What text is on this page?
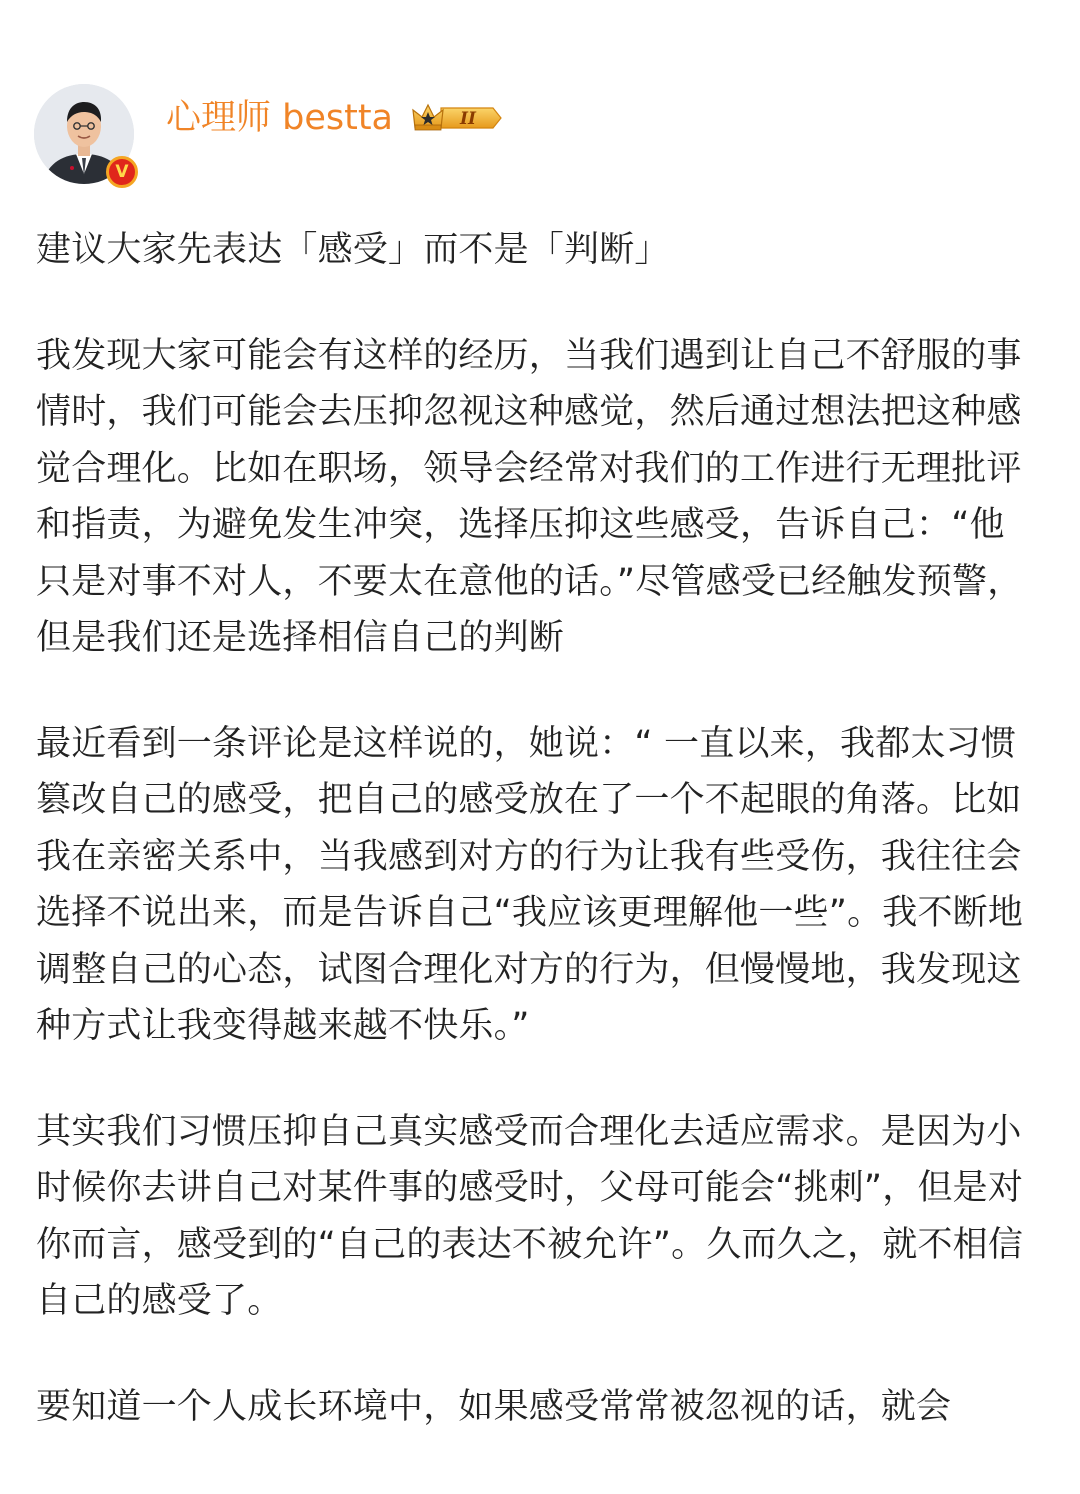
V
心理师 bestta	II

建议大家先表达「感受」而不是「判断」

我发现大家可能会有这样的经历，当我们遇到让自己不舒服的事情时，我们可能会去压抑忽视这种感觉，然后通过想法把这种感觉合理化。比如在职场，领导会经常对我们的工作进行无理批评和指责，为避免发生冲突，选择压抑这些感受，告诉自己：“他只是对事不对人，不要太在意他的话。”尽管感受已经触发预警，但是我们还是选择相信自己的判断

最近看到一条评论是这样说的，她说：“ 一直以来，我都太习惯篡改自己的感受，把自己的感受放在了一个不起眼的角落。比如我在亲密关系中，当我感到对方的行为让我有些受伤，我往往会选择不说出来，而是告诉自己“我应该更理解他一些”。我不断地调整自己的心态，试图合理化对方的行为，但慢慢地，我发现这种方式让我变得越来越不快乐。”

其实我们习惯压抑自己真实感受而合理化去适应需求。是因为小时候你去讲自己对某件事的感受时，父母可能会“挑刺”，但是对你而言，感受到的“自己的表达不被允许”。久而久之，就不相信自己的感受了。

要知道一个人成长环境中，如果感受常常被忽视的话，就会
